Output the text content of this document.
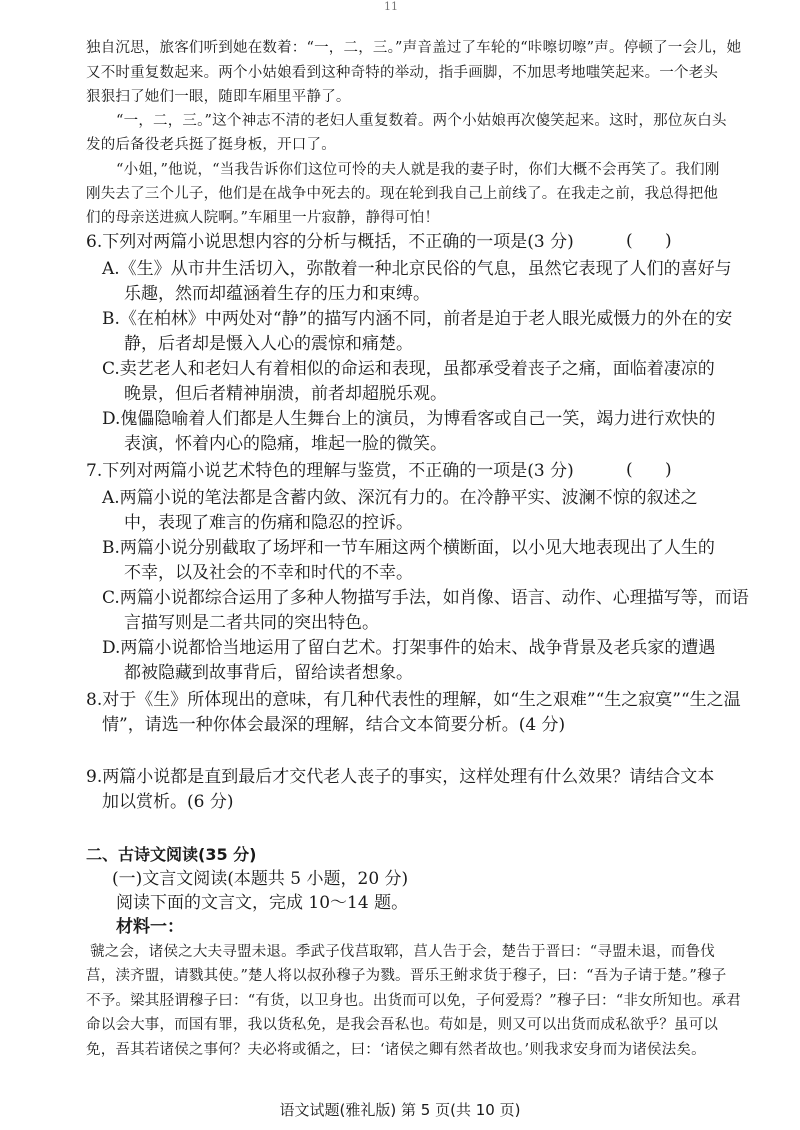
11
独自沉思，旅客们听到她在数着：“一，二，三。”声音盖过了车轮的“咔嚓切嚓”声。停顿了一会儿，她
又不时重复数起来。两个小姑娘看到这种奇特的举动，指手画脚，不加思考地嗤笑起来。一个老头
狠狠扫了她们一眼，随即车厢里平静了。
“一，二，三。”这个神志不清的老妇人重复数着。两个小姑娘再次傻笑起来。这时，那位灰白头
发的后备役老兵挺了挺身板，开口了。
“小姐，”他说，“当我告诉你们这位可怜的夫人就是我的妻子时，你们大概不会再笑了。我们刚
刚失去了三个儿子，他们是在战争中死去的。现在轮到我自己上前线了。在我走之前，我总得把他
们的母亲送进疯人院啊。”车厢里一片寂静，静得可怕！
6.下列对两篇小说思想内容的分析与概括，不正确的一项是(3 分)	(      )
A.《生》从市井生活切入，弥散着一种北京民俗的气息，虽然它表现了人们的喜好与
乐趣，然而却蕴涵着生存的压力和束缚。
B.《在柏林》中两处对“静”的描写内涵不同，前者是迫于老人眼光威慑力的外在的安
静，后者却是慑入人心的震惊和痛楚。
C.卖艺老人和老妇人有着相似的命运和表现，虽都承受着丧子之痛，面临着凄凉的
晚景，但后者精神崩溃，前者却超脱乐观。
D.傀儡隐喻着人们都是人生舞台上的演员，为博看客或自己一笑，竭力进行欢快的
表演，怀着内心的隐痛，堆起一脸的微笑。
7.下列对两篇小说艺术特色的理解与鉴赏，不正确的一项是(3 分)	(      )
A.两篇小说的笔法都是含蓄内敛、深沉有力的。在冷静平实、波澜不惊的叙述之
中，表现了难言的伤痛和隐忍的控诉。
B.两篇小说分别截取了场坪和一节车厢这两个横断面，以小见大地表现出了人生的
不幸，以及社会的不幸和时代的不幸。
C.两篇小说都综合运用了多种人物描写手法，如肖像、语言、动作、心理描写等，而语
言描写则是二者共同的突出特色。
D.两篇小说都恰当地运用了留白艺术。打架事件的始末、战争背景及老兵家的遭遇
都被隐藏到故事背后，留给读者想象。
8.对于《生》所体现出的意味，有几种代表性的理解，如“生之艰难”“生之寂寞”“生之温
情”，请选一种你体会最深的理解，结合文本简要分析。(4 分)
9.两篇小说都是直到最后才交代老人丧子的事实，这样处理有什么效果？请结合文本
加以赏析。(6 分)
二、古诗文阅读(35 分)
(一)文言文阅读(本题共 5 小题，20 分)
阅读下面的文言文，完成 10～14 题。
材料一：
虢之会，诸侯之大夫寻盟未退。季武子伐莒取郓，莒人告于会，楚告于晋曰：“寻盟未退，而鲁伐
莒，渎齐盟，请戮其使。”楚人将以叔孙穆子为戮。晋乐王鲋求货于穆子，曰：“吾为子请于楚。”穆子
不予。梁其胫谓穆子曰：“有货，以卫身也。出货而可以免，子何爱焉？”穆子曰：“非女所知也。承君
命以会大事，而国有罪，我以货私免，是我会吾私也。苟如是，则又可以出货而成私欲乎？虽可以
免，吾其若诸侯之事何？夫必将或循之，曰：‘诸侯之卿有然者故也。’则我求安身而为诸侯法矣。
语文试题(雅礼版) 第 5 页(共 10 页)
